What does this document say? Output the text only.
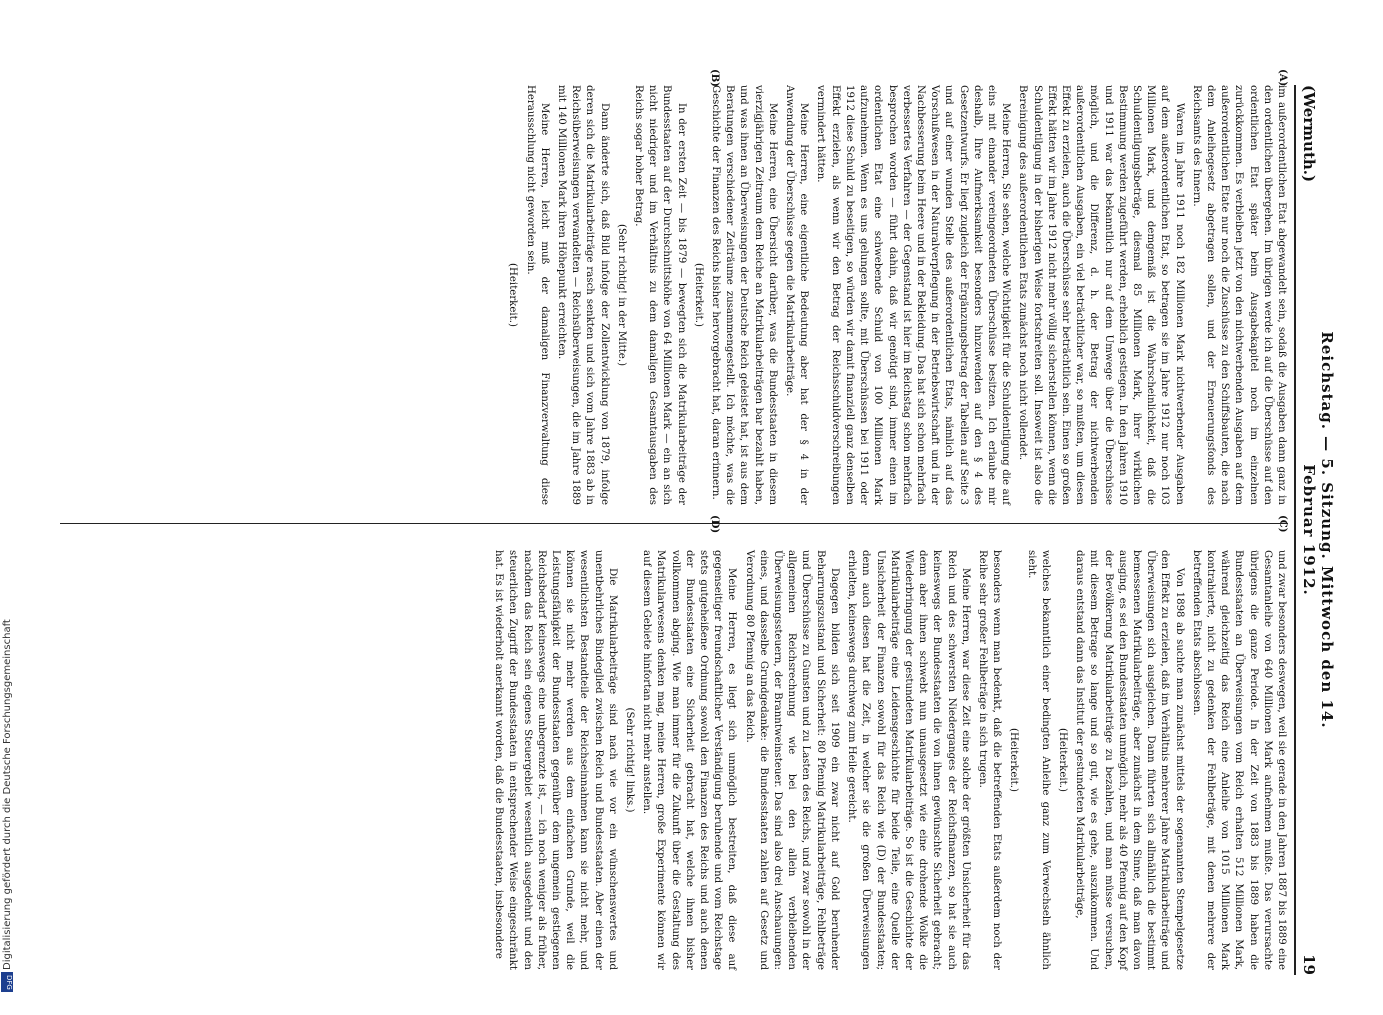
(Wermuth.)
Reichstag. — 5. Sitzung. Mittwoch den 14. Februar 1912.
19
(A)
(B)
(C)
(D)

im außerordentlichen Etat abgewandelt sein, sodaß die Ausgaben dann ganz in den ordentlichen übergehen. Im übrigen werde ich auf die Überschüsse auf den ordentlichen Etat später beim Ausgabekapitel noch im einzelnen zurückkommen. Es verbleiben jetzt von den nichtwerbenden Ausgaben auf dem außerordentlichen Etate nur noch die Zuschüsse zu den Schiffsbauten, die nach dem Anleihegesetz abgetragen sollen, und der Erneuerungsfonds des Reichsamts des Innern.

Waren im Jahre 1911 noch 182 Millionen Mark nichtwerbender Ausgaben auf dem außerordentlichen Etat, so betragen sie im Jahre 1912 nur noch 103 Millionen Mark, und demgemäß ist die Wahrscheinlichkeit, daß die Schuldentilgungsbeträge, diesmal 85 Millionen Mark, ihrer wirklichen Bestimmung werden zugeführt werden, erheblich gestiegen. In den Jahren 1910 und 1911 war das bekanntlich nur auf dem Umwege über die Überschüsse möglich, und die Differenz, d. h. der Betrag der nichtwerbenden außerordentlichen Ausgaben, ein viel beträchtlicher war, so mußten, um diesen Effekt zu erzielen, auch die Überschüsse sehr beträchtlich sein. Einen so großen Effekt hätten wir im Jahre 1912 nicht mehr völlig sicherstellen können, wenn die Schuldentilgung in der bisherigen Weise fortschreiten soll. Insoweit ist also die Bereinigung des außerordentlichen Etats zunächst noch nicht vollendet.

Meine Herren, Sie sehen, welche Wichtigkeit für die Schuldentilgung die auf eins mit einander vereingeordneten Überschüsse besitzen. Ich erlaube mir deshalb, Ihre Aufmerksamkeit besonders hinzuwenden auf den § 4 des Gesetzentwurfs. Er liegt zugleich der Ergänzungsbetrag der Tabellen auf Seite 3 und auf einer wunden Stelle des außerordentlichen Etats, nämlich auf das Vorschußwesen in der Naturalverpflegung in der Betriebswirtschaft und in der Nachbesserung beim Heere und in der Bekleidung. Das hat sich schon mehrfach verbessertes Verfahren — der Gegenstand ist hier im Reichstag schon mehrfach besprochen worden — führt dahin, daß wir genötigt sind, immer einen im ordentlichen Etat eine schwebende Schuld von 100 Millionen Mark aufzunehmen. Wenn es uns gelungen sollte, mit Überschüssen bei 1911 oder 1912 diese Schuld zu beseitigen, so würden wir damit finanziell ganz denselben Effekt erzielen, als wenn wir den Betrag der Reichsschuldverschreibungen vermindert hätten.

Meine Herren, eine eigentliche Bedeutung aber hat der § 4 in der Anwendung der Überschüsse gegen die Matrikularbeiträge.

Meine Herren, eine Übersicht darüber, was die Bundesstaaten in diesem vierzigjährigen Zeitraum dem Reiche an Matrikularbeiträgen bar bezahlt haben, und was ihnen an Überweisungen der Deutsche Reich geleistet hat, ist aus dem Beratungen verschiedener Zeiträume zusammengestellt. Ich möchte, was die Geschichte der Finanzen des Reichs bisher hervorgebracht hat, daran erinnern.

(Heiterkeit.)

In der ersten Zeit — bis 1879 — bewegten sich die Matrikularbeiträge der Bundesstaaten auf der Durchschnittshöhe von 64 Millionen Mark — ein an sich nicht niedriger und im Verhältnis zu dem damaligen Gesamtausgaben des Reichs sogar hoher Betrag.

(Sehr richtig! in der Mitte.)

Dann änderte sich, daß Bild infolge der Zollentwicklung von 1879, infolge deren sich die Matrikularbeiträge rasch senkten und sich vom Jahre 1883 ab in Reichsüberweisungen verwandelten — Reichsüberweisungen, die im Jahre 1889 mit 140 Millionen Mark ihren Höhepunkt erreichten.

Meine Herren, leicht muß der damaligen Finanzverwaltung diese Herausschlung nicht geworden sein.

(Heiterkeit.)

und zwar besonders deswegen, weil sie gerade in den Jahren 1887 bis 1889 eine Gesamtanleihe von 640 Millionen Mark aufnehmen mußte. Das verursachte übrigens die ganze Periode. In der Zeit von 1883 bis 1889 haben die Bundesstaaten an Überweisungen vom Reich erhalten 512 Millionen Mark, während gleichzeitig das Reich eine Anleihe von 1015 Millionen Mark kontrahierte, nicht zu gedenken der Fehlbeträge, mit denen mehrere der betreffenden Etats abschlossen.

Von 1898 ab suchte man zunächst mittels der sogenannten Stempelgesetze den Effekt zu erzielen, daß im Verhältnis mehrerer Jahre Matrikularbeiträge und Überweisungen sich ausgleichen. Dann führten sich allmählich die bestimmt bemessenen Matrikularbeiträge, aber zunächst in dem Sinne, daß man davon ausging, es sei den Bundesstaaten unmöglich, mehr als 40 Pfennig auf den Kopf der Bevölkerung Matrikularbeiträge zu bezahlen, und man müsse versuchen, mit diesem Betrage so lange und so gut, wie es gehe, auszukommen. Und daraus entstand dann das Institut der gestundeten Matrikularbeiträge,

(Heiterkeit.)

welches bekanntlich einer bedingten Anleihe ganz zum Verwechseln ähnlich sieht.

(Heiterkeit.)

besonders wenn man bedenkt, daß die betreffenden Etats außerdem noch der Reihe sehr großer Fehlbeträge in sich trugen.

Meine Herren, war diese Zeit eine solche der größten Unsicherheit für das Reich und des schwersten Niederganges der Reichsfinanzen, so hat sie auch keineswegs der Bundesstaaten die von ihnen gewünschte Sicherheit gebracht; denn aber ihnen schwebt nun unausgesetzt wie eine drohende Wolke die Wiederbringung der gestundeten Matrikularbeiträge. So ist die Geschichte der Matrikularbeiträge eine Leidensgeschichte für beide Teile, eine Quelle der Unsicherheit der Finanzen sowohl für das Reich wie (D) der Bundesstaaten; denn auch diesen hat die Zeit, in welcher sie die großen Überweisungen erhielten, keineswegs durchweg zum Heile gereicht.

Dagegen bilden sich seit 1909 ein zwar nicht auf Gold beruhender Beharrungszustand und Sicherheit: 80 Pfennig Matrikularbeiträge, Fehlbeträge und Überschüsse zu Gunsten und zu Lasten des Reichs, und zwar sowohl in der allgemeinen Reichsrechnung wie bei den allein verbleibenden Überweisungssteuern, der Branntweinsteuer. Das sind also drei Anschauungen: eines, und dasselbe Grundgedanke: die Bundesstaaten zahlen auf Gesetz und Verordnung 80 Pfennig an das Reich.

Meine Herren, es liegt sich unmöglich bestreiten, daß diese auf gegenseitiger freundschaftlicher Verständigung beruhende und vom Reichstage stets gutgeheißene Ordnung sowohl den Finanzen des Reichs und auch denen der Bundesstaaten eine Sicherheit gebracht hat, welche ihnen bisher vollkommen abging. Wie man immer für die Zukunft über die Gestaltung des Matrikularwesens denken mag, meine Herren, große Experimente können wir auf diesem Gebiete hinfortan nicht mehr anstellen.

(Sehr richtig! links.)

Die Matrikularbeiträge sind nach wie vor ein wünschenswertes und unentbehrliches Bindeglied zwischen Reich und Bundesstaaten. Aber einen der wesentlichsten Bestandteile der Reichseinnahmen kann sie nicht mehr, und können sie nicht mehr werden aus dem einfachen Grunde, weil die Leistungsfähigkeit der Bundesstaaten gegenüber dem ungemein gestiegenen Reichsbedarf keineswegs eine unbegrenzte ist, — ich noch weniger als früher, nachdem das Reich sein eigenes Steuergebiet wesentlich ausgedehnt und den steuerlichen Zugriff der Bundesstaaten in entsprechender Weise eingeschränkt hat. Es ist wiederholt anerkannt worden, daß die Bundesstaaten, insbesondere

Digitalisierung gefördert durch die Deutsche Forschungsgemeinschaft
DFG
